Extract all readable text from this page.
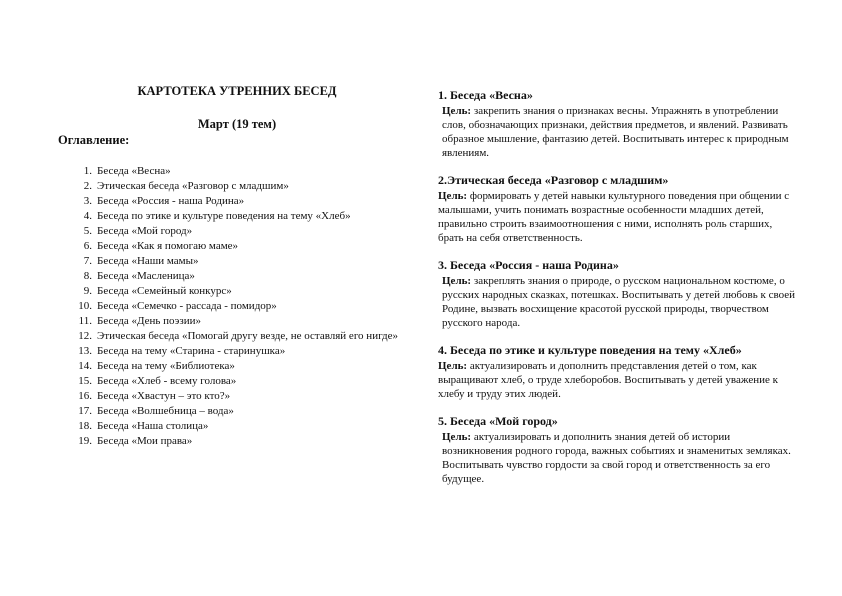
КАРТОТЕКА УТРЕННИХ БЕСЕД

Март (19 тем)

Оглавление:

1. Беседа «Весна»
2. Этическая беседа «Разговор с младшим»
3. Беседа «Россия - наша Родина»
4. Беседа по этике и культуре поведения на тему «Хлеб»
5. Беседа «Мой город»
6. Беседа «Как я помогаю маме»
7. Беседа «Наши мамы»
8. Беседа «Масленица»
9. Беседа «Семейный конкурс»
10. Беседа «Семечко - рассада - помидор»
11. Беседа «День поэзии»
12. Этическая беседа «Помогай другу везде, не оставляй его нигде»
13. Беседа на тему «Старина - старинушка»
14. Беседа на тему «Библиотека»
15. Беседа «Хлеб - всему голова»
16. Беседа «Хвастун – это кто?»
17. Беседа «Волшебница – вода»
18. Беседа «Наша столица»
19. Беседа «Мои права»
1. Беседа «Весна»
Цель: закрепить знания о признаках весны. Упражнять в употреблении слов, обозначающих признаки, действия предметов, и явлений. Развивать образное мышление, фантазию детей. Воспитывать интерес к природным явлениям.
2.Этическая беседа «Разговор с младшим»
Цель: формировать у детей навыки культурного поведения при общении с малышами, учить понимать возрастные особенности младших детей, правильно строить взаимоотношения с ними, исполнять роль старших, брать на себя ответственность.
3. Беседа «Россия - наша Родина»
Цель: закреплять знания о природе, о русском национальном костюме, о русских народных сказках, потешках. Воспитывать у детей любовь к своей Родине, вызвать восхищение красотой русской природы, творчеством русского народа.
4. Беседа по этике и культуре поведения на тему «Хлеб»
Цель: актуализировать и дополнить представления детей о том, как выращивают хлеб, о труде хлеборобов. Воспитывать у детей уважение к хлебу и труду этих людей.
5. Беседа «Мой город»
Цель: актуализировать и дополнить знания детей об истории возникновения родного города, важных событиях и знаменитых земляках. Воспитывать чувство гордости за свой город и ответственность за его будущее.
